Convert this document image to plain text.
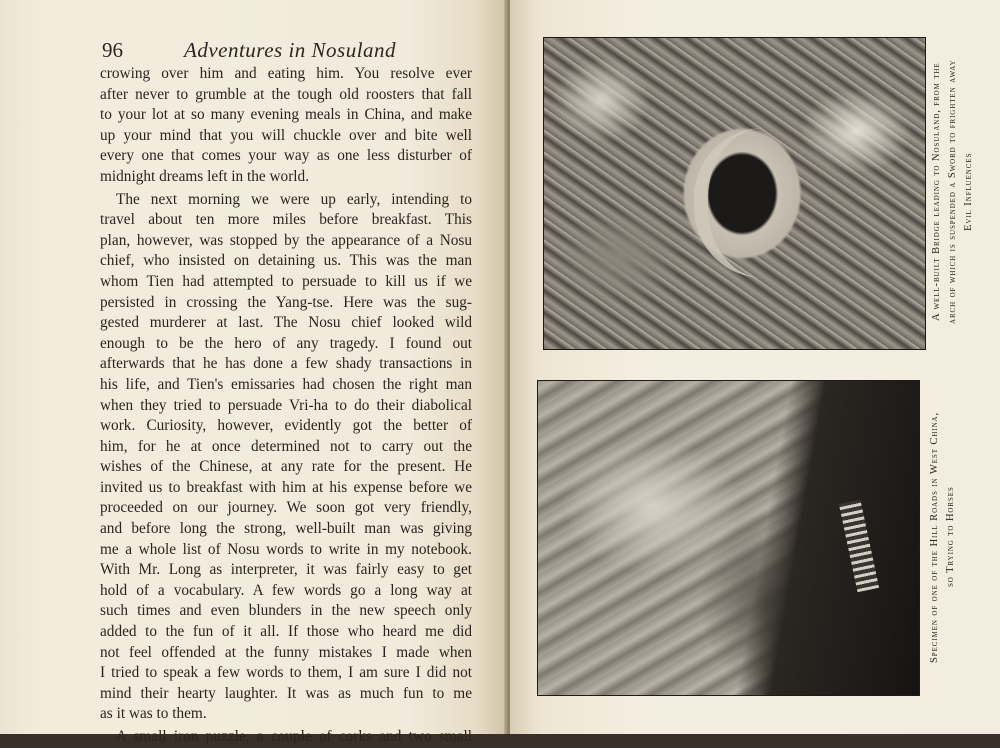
96	Adventures in Nosuland

crowing over him and eating him. You resolve ever

after never to grumble at the tough old roosters that fall

to your lot at so many evening meals in China, and make

up your mind that you will chuckle over and bite well

every one that comes your way as one less disturber of

midnight dreams left in the world.

The next morning we were up early, intending to

travel about ten more miles before breakfast. This

plan, however, was stopped by the appearance of a Nosu

chief, who insisted on detaining us. This was the man

whom Tien had attempted to persuade to kill us if we

persisted in crossing the Yang-tse. Here was the sug-

gested murderer at last. The Nosu chief looked wild

enough to be the hero of any tragedy. I found out

afterwards that he has done a few shady transactions in

his life, and Tien's emissaries had chosen the right man

when they tried to persuade Vri-ha to do their diabolical

work. Curiosity, however, evidently got the better of

him, for he at once determined not to carry out the

wishes of the Chinese, at any rate for the present. He

invited us to breakfast with him at his expense before we

proceeded on our journey. We soon got very friendly,

and before long the strong, well-built man was giving

me a whole list of Nosu words to write in my notebook.

With Mr. Long as interpreter, it was fairly easy to get

hold of a vocabulary. A few words go a long way at

such times and even blunders in the new speech only

added to the fun of it all. If those who heard me did

not feel offended at the funny mistakes I made when

I tried to speak a few words to them, I am sure I did not

mind their hearty laughter. It was as much fun to me

as it was to them.

A small iron puzzle, a couple of corks and two small

A well-built Bridge leading to Nosuland, from the arch of which is suspended a Sword to frighten away Evil Influences
Specimen of one of the Hill Roads in West China, so Trying to Horses
